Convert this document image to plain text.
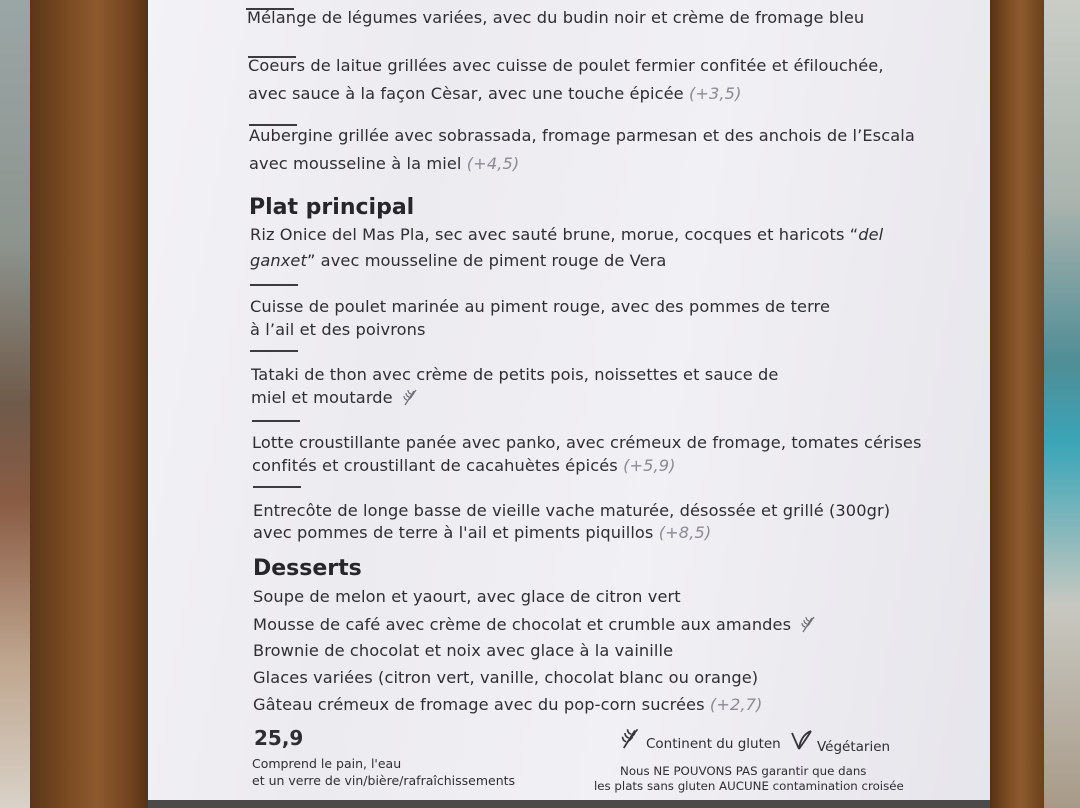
Mélange de légumes variées, avec du budin noir et crème de fromage bleu
Coeurs de laitue grillées avec cuisse de poulet fermier confitée et éfilouchée,
avec sauce à la façon Cèsar, avec une touche épicée (+3,5)
Aubergine grillée avec sobrassada, fromage parmesan et des anchois de l’Escala
avec mousseline à la miel (+4,5)
Plat principal
Riz Onice del Mas Pla, sec avec sauté brune, morue, cocques et haricots “del
ganxet” avec mousseline de piment rouge de Vera
Cuisse de poulet marinée au piment rouge, avec des pommes de terre
à l’ail et des poivrons
Tataki de thon avec crème de petits pois, noissettes et sauce de
miel et moutarde
Lotte croustillante panée avec panko, avec crémeux de fromage, tomates cérises
confités et croustillant de cacahuètes épicés (+5,9)
Entrecôte de longe basse de vieille vache maturée, désossée et grillé (300gr)
avec pommes de terre à l'ail et piments piquillos (+8,5)
Desserts
Soupe de melon et yaourt, avec glace de citron vert
Mousse de café avec crème de chocolat et crumble aux amandes
Brownie de chocolat et noix avec glace à la vainille
Glaces variées (citron vert, vanille, chocolat blanc ou orange)
Gâteau crémeux de fromage avec du pop-corn sucrées (+2,7)
25,9
Comprend le pain, l'eau
et un verre de vin/bière/rafraîchissements
Continent du gluten	Végétarien
Nous NE POUVONS PAS garantir que dans
les plats sans gluten AUCUNE contamination croisée
